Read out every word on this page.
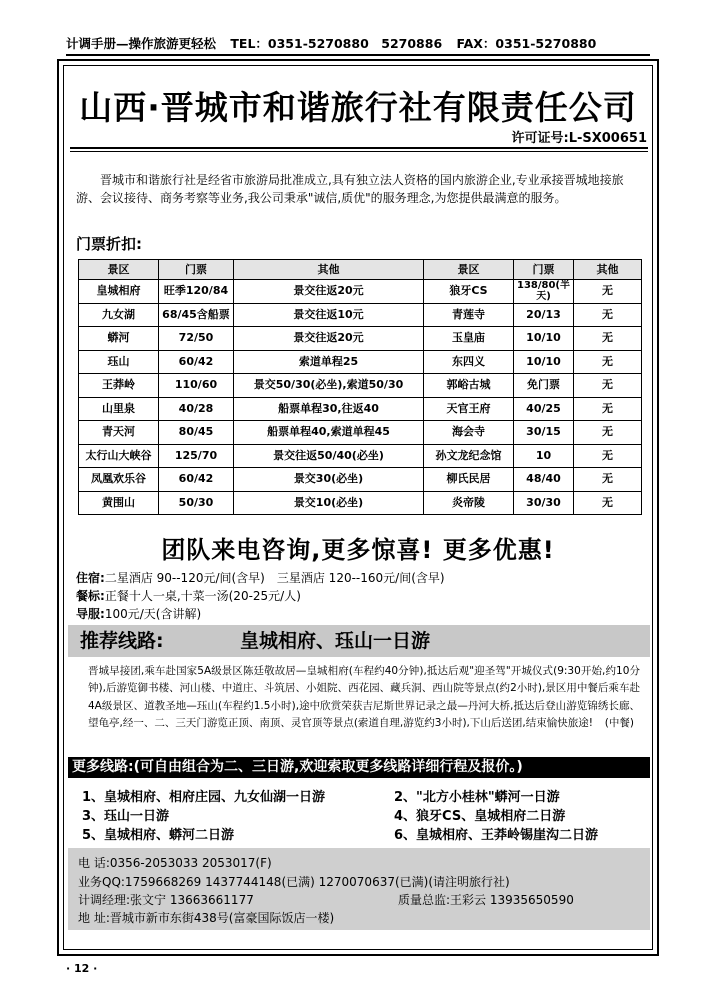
计调手册—操作旅游更轻松 TEL：0351-5270880　5270886 FAX：0351-5270880
山西·晋城市和谐旅行社有限责任公司
许可证号:L-SX00651
晋城市和谐旅行社是经省市旅游局批准成立,具有独立法人资格的国内旅游企业,专业承接晋城地接旅游、会议接待、商务考察等业务,我公司秉承"诚信,质优"的服务理念,为您提供最满意的服务。
门票折扣:
景区	门票	其他	景区	门票	其他
皇城相府	旺季120/84	景交往返20元	狼牙CS	138/80(半天)	无
九女湖	68/45含船票	景交往返10元	青莲寺	20/13	无
蟒河	72/50	景交往返20元	玉皇庙	10/10	无
珏山	60/42	索道单程25	东四义	10/10	无
王莽岭	110/60	景交50/30(必坐),索道50/30	郭峪古城	免门票	无
山里泉	40/28	船票单程30,往返40	天官王府	40/25	无
青天河	80/45	船票单程40,索道单程45	海会寺	30/15	无
太行山大峡谷	125/70	景交往返50/40(必坐)	孙文龙纪念馆	10	无
凤凰欢乐谷	60/42	景交30(必坐)	柳氏民居	48/40	无
黄围山	50/30	景交10(必坐)	炎帝陵	30/30	无
团队来电咨询,更多惊喜! 更多优惠!
住宿:二星酒店 90--120元/间(含早)　三星酒店 120--160元/间(含早)
餐标:正餐十人一桌,十菜一汤(20-25元/人)
导服:100元/天(含讲解)
推荐线路:	皇城相府、珏山一日游
晋城早接团,乘车赴国家5A级景区陈廷敬故居—皇城相府(车程约40分钟),抵达后观"迎圣驾"开城仪式(9:30开始,约10分钟),后游览御书楼、河山楼、中道庄、斗筑居、小姐院、西花园、藏兵洞、西山院等景点(约2小时),景区用中餐后乘车赴4A级景区、道教圣地—珏山(车程约1.5小时),途中欣赏荣获吉尼斯世界记录之最—丹河大桥,抵达后登山游览锦绣长廊、望龟亭,经一、二、三天门游览正顶、南顶、灵官顶等景点(索道自理,游览约3小时),下山后送团,结束愉快旅途! (中餐)
更多线路:(可自由组合为二、三日游,欢迎索取更多线路详细行程及报价。)
1、皇城相府、相府庄园、九女仙湖一日游	2、"北方小桂林"蟒河一日游
3、珏山一日游	4、狼牙CS、皇城相府二日游
5、皇城相府、蟒河二日游	6、皇城相府、王莽岭锡崖沟二日游
电 话:0356-2053033 2053017(F)
业务QQ:1759668269 1437744148(已满) 1270070637(已满)(请注明旅行社)
计调经理:张文宁 13663661177	质量总监:王彩云 13935650590
地 址:晋城市新市东街438号(富豪国际饭店一楼)
· 12 ·
